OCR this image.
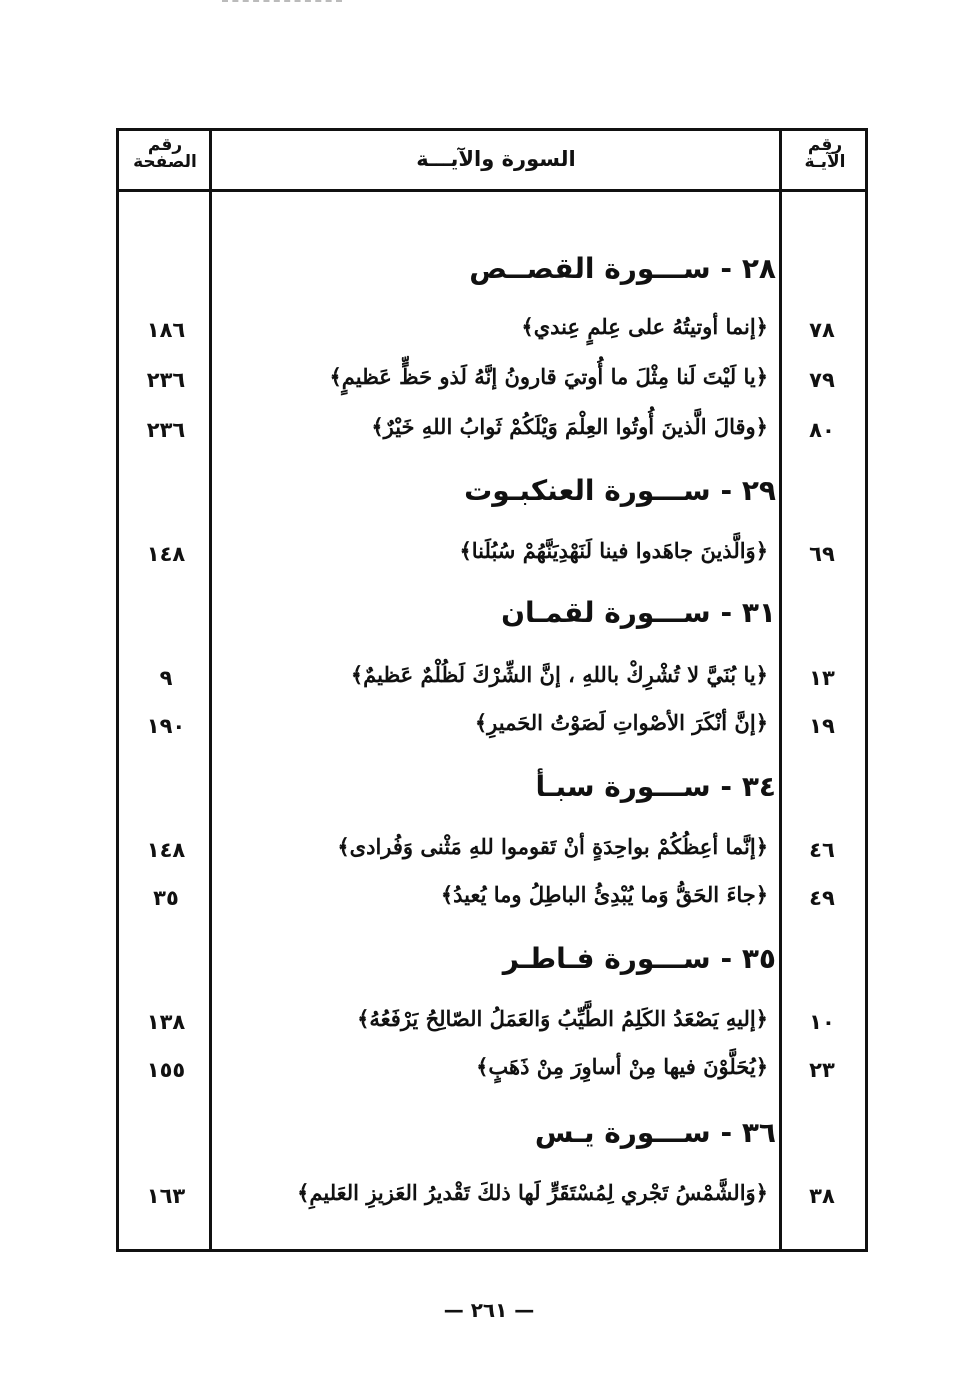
رقم
الصفحة	السورة والآيـــة
رقم
الآيـة
٢٨ - ســـورة القصــص
٧٨
﴿إنما أوتيتُهُ على عِلمٍ عِندي﴾
١٨٦
٧٩
﴿يا لَيْتَ لَنا مِثْلَ ما أُوتيَ قارونُ إنَّهُ لَذو حَظٍّ عَظيمٍ﴾
٢٣٦
٨٠
﴿وقالَ الَّذينَ أُوتُوا العِلْمَ وَيْلَكُمْ ثَوابُ اللهِ خَيْرٌ﴾
٢٣٦
٢٩ - ســـورة العنكبـوت
٦٩
﴿وَالَّذينَ جاهَدوا فينا لَنَهْدِيَنَّهُمْ سُبُلَنا﴾
١٤٨
٣١ - ســـورة لقمـان
١٣
﴿يا بُنَيَّ لا تُشْرِكْ باللهِ ، إنَّ الشِّرْكَ لَظُلْمٌ عَظيمٌ﴾
٩
١٩
﴿إنَّ أنْكَرَ الأصْواتِ لَصَوْتُ الحَميرِ﴾
١٩٠
٣٤ - ســـورة سبـأ
٤٦
﴿إنَّما أعِظُكُمْ بواحِدَةٍ أنْ تَقوموا للهِ مَثْنى وَفُرادى﴾
١٤٨
٤٩
﴿جاءَ الحَقُّ وَما يُبْدِئُ الباطِلُ وما يُعيدُ﴾
٣٥
٣٥ - ســـورة فـاطـر
١٠
﴿إليهِ يَصْعَدُ الكَلِمُ الطَّيِّبُ وَالعَمَلُ الصّالِحُ يَرْفَعُهُ﴾
١٣٨
٢٣
﴿يُحَلَّوْنَ فيها مِنْ أساوِرَ مِنْ ذَهَبٍ﴾
١٥٥
٣٦ - ســـورة يـس
٣٨
﴿وَالشَّمْسُ تَجْري لِمُسْتَقَرٍّ لَها ذلكَ تَقْديرُ العَزيزِ العَليمِ﴾
١٦٣
— ٢٦١ —
